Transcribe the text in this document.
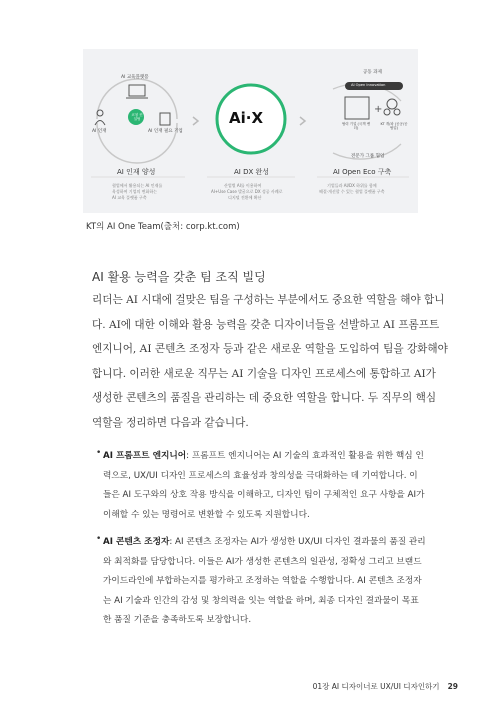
+
AI 교육플랫폼
AI 인재
코칭 컨설팅
AI 인재 필요 기업
AI 인재 양성
협업에서 활용되는 AI 인재를
육성하여 기업의 변화하는
AI 교육 플랫폼 구축
Ai·X
AI DX 완성
산업별 AI를 이용하여
AI+Use Case 발굴으로 DX 성공 사례로
디지털 전환에 확산
공동 과제
AI Open Innovation
협력 기업 (국책 벤더)
KT 개/파 (공공/공 협업)
전문가 그룹 협업
AI Open Eco 구축
기업들과 AI/DX 하위를 함께
해결·개선할 수 있는 협업 플랫폼 구축
KT의 AI One Team(출처: corp.kt.com)
AI 활용 능력을 갖춘 팀 조직 빌딩
리더는 AI 시대에 걸맞은 팀을 구성하는 부분에서도 중요한 역할을 해야 합니
다. AI에 대한 이해와 활용 능력을 갖춘 디자이너들을 선발하고 AI 프롬프트
엔지니어, AI 콘텐츠 조정자 등과 같은 새로운 역할을 도입하여 팀을 강화해야
합니다. 이러한 새로운 직무는 AI 기술을 디자인 프로세스에 통합하고 AI가
생성한 콘텐츠의 품질을 관리하는 데 중요한 역할을 합니다. 두 직무의 핵심
역할을 정리하면 다음과 같습니다.
• AI 프롬프트 엔지니어: 프롬프트 엔지니어는 AI 기술의 효과적인 활용을 위한 핵심 인
력으로, UX/UI 디자인 프로세스의 효율성과 창의성을 극대화하는 데 기여합니다. 이
들은 AI 도구와의 상호 작용 방식을 이해하고, 디자인 팀이 구체적인 요구 사항을 AI가
이해할 수 있는 명령어로 변환할 수 있도록 지원합니다.
• AI 콘텐츠 조정자: AI 콘텐츠 조정자는 AI가 생성한 UX/UI 디자인 결과물의 품질 관리
와 최적화를 담당합니다. 이들은 AI가 생성한 콘텐츠의 일관성, 정확성 그리고 브랜드
가이드라인에 부합하는지를 평가하고 조정하는 역할을 수행합니다. AI 콘텐츠 조정자
는 AI 기술과 인간의 감성 및 창의력을 잇는 역할을 하며, 최종 디자인 결과물이 목표
한 품질 기준을 충족하도록 보장합니다.
01장 AI 디자이너로 UX/UI 디자인하기 29
